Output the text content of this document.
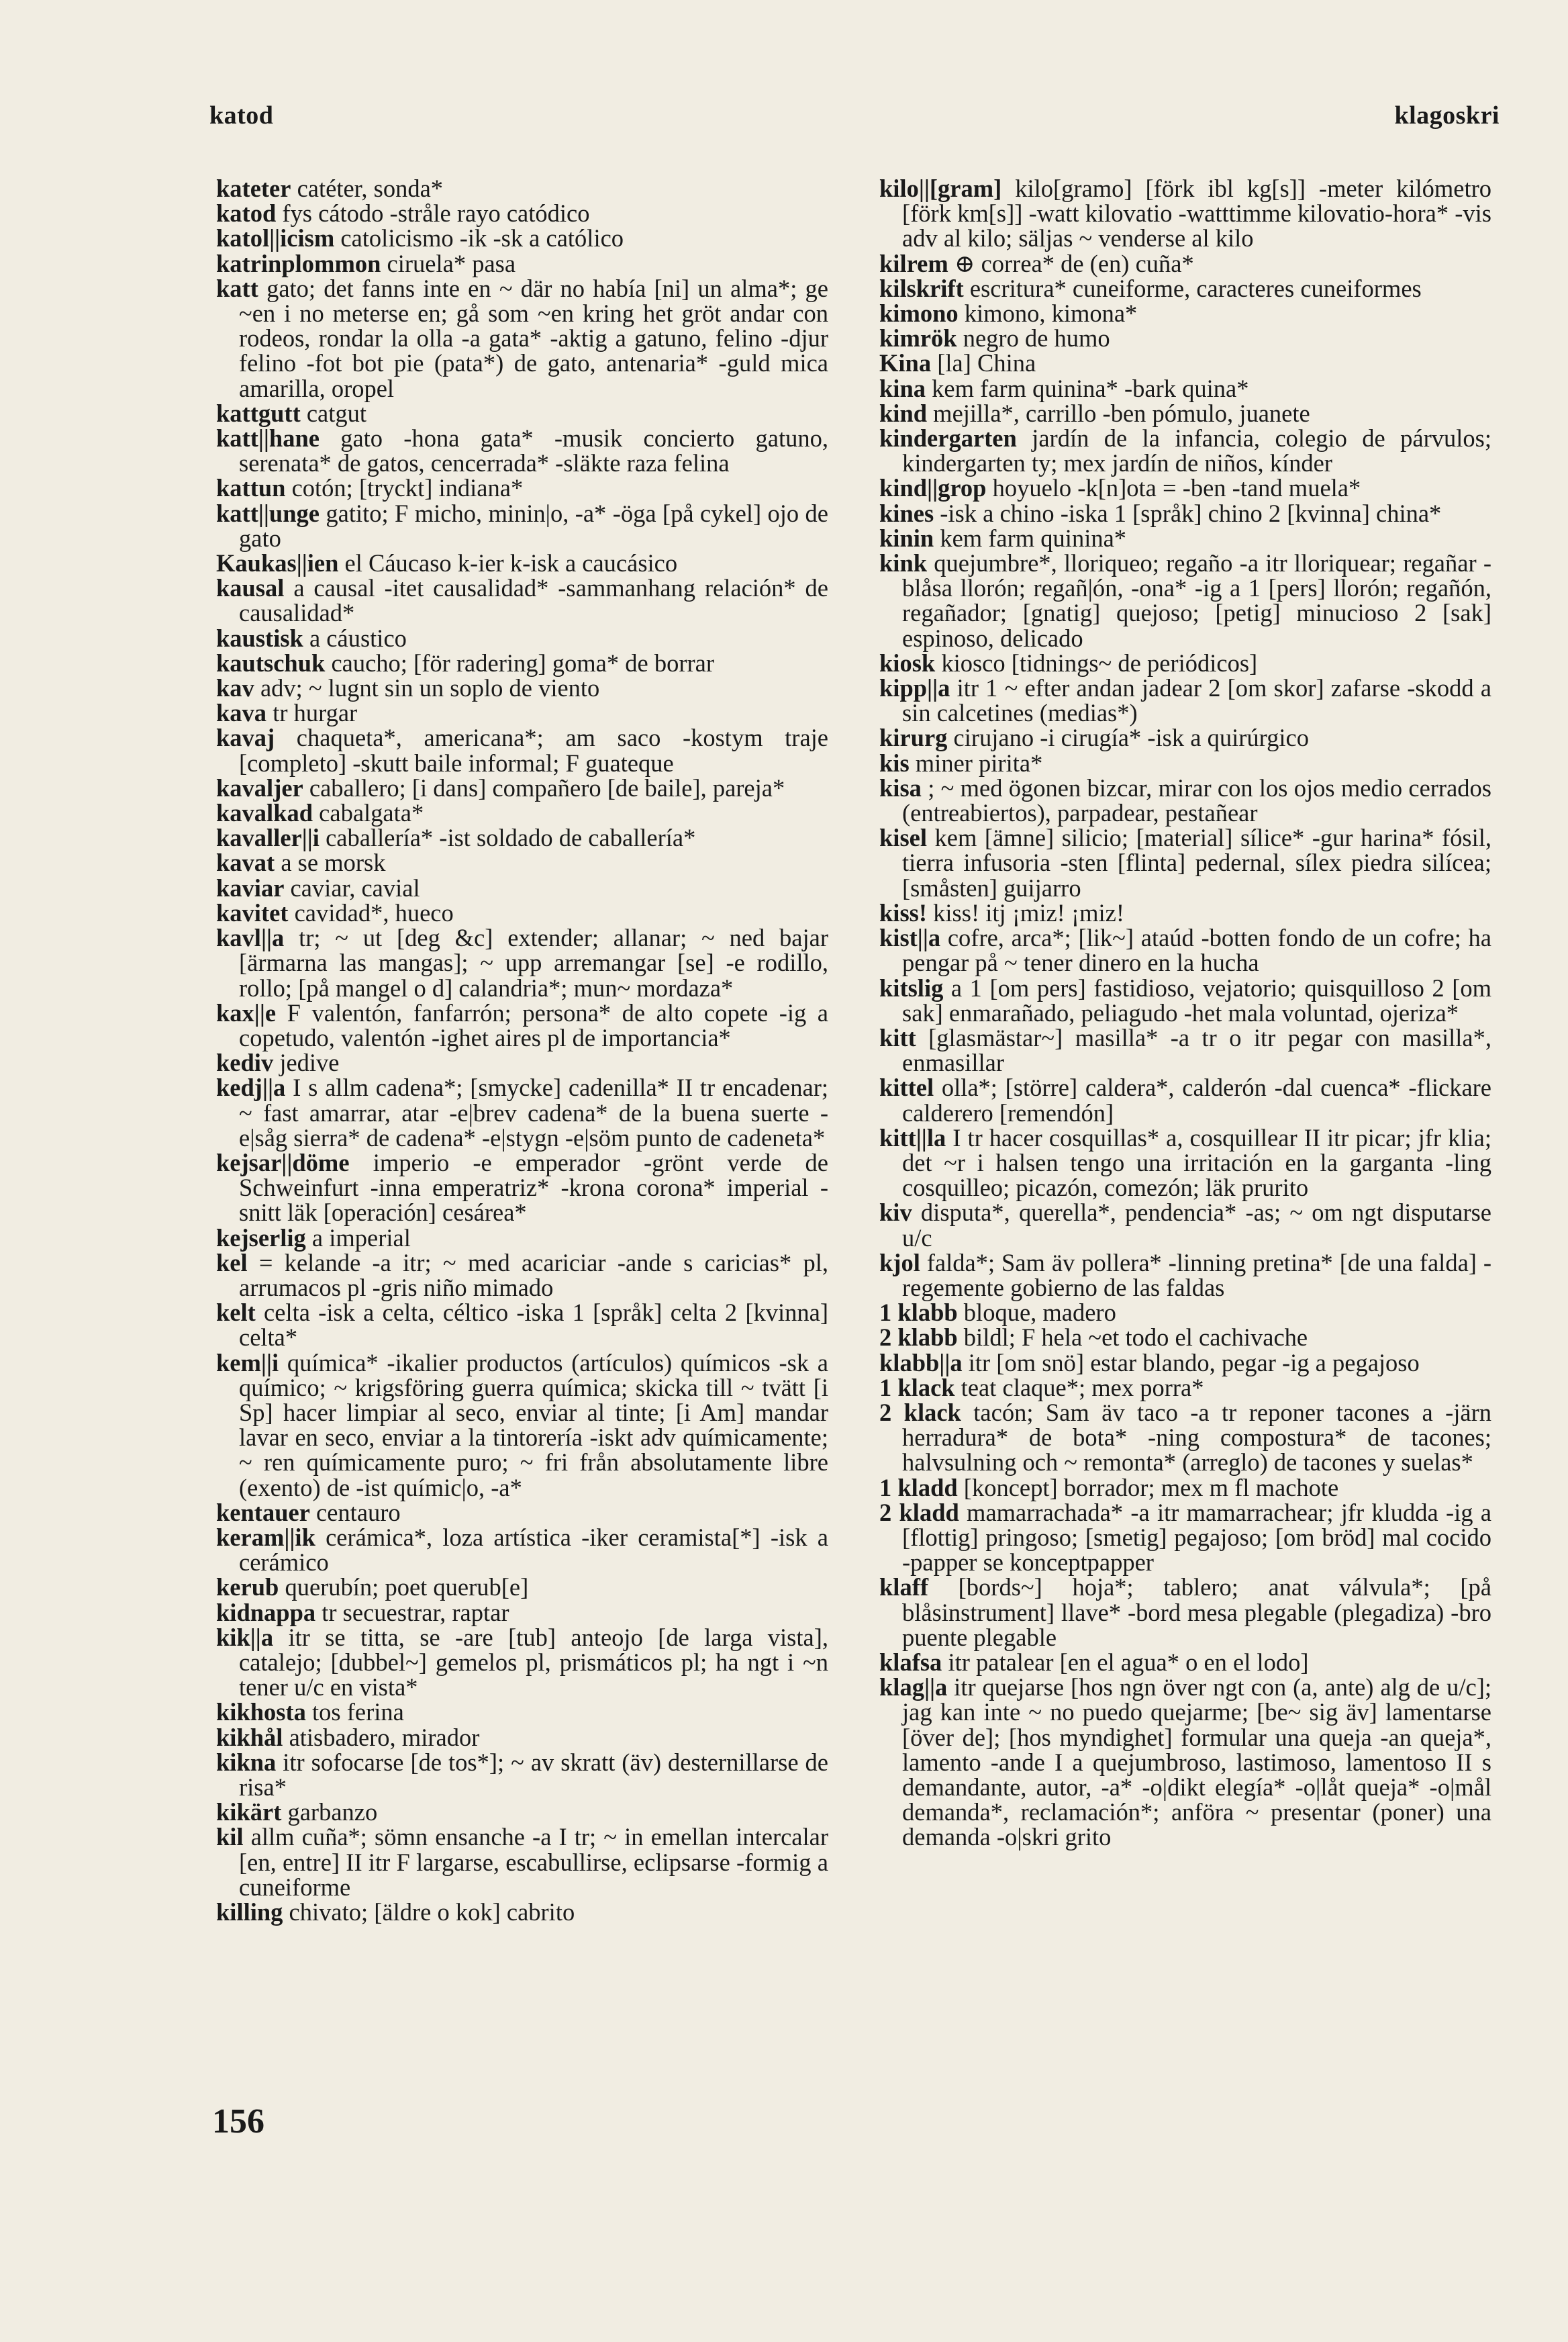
katod	klagoskri

kateter catéter, sonda*

katod fys cátodo -stråle rayo catódico

katol||icism catolicismo -ik -sk a católico

katrinplommon ciruela* pasa

katt gato; det fanns inte en ~ där no había [ni] un alma*; ge ~en i no meterse en; gå som ~en kring het gröt andar con rodeos, rondar la olla -a gata* -aktig a gatuno, felino -djur felino -fot bot pie (pata*) de gato, antenaria* -guld mica amarilla, oropel

kattgutt catgut

katt||hane gato -hona gata* -musik concierto gatuno, serenata* de gatos, cencerrada* -släkte raza felina

kattun cotón; [tryckt] indiana*

katt||unge gatito; F micho, minin|o, -a* -öga [på cykel] ojo de gato

Kaukas||ien el Cáucaso k-ier k-isk a caucásico

kausal a causal -itet causalidad* -sammanhang relación* de causalidad*

kaustisk a cáustico

kautschuk caucho; [för radering] goma* de borrar

kav adv; ~ lugnt sin un soplo de viento

kava tr hurgar

kavaj chaqueta*, americana*; am saco -kostym traje [completo] -skutt baile informal; F guateque

kavaljer caballero; [i dans] compañero [de baile], pareja*

kavalkad cabalgata*

kavaller||i caballería* -ist soldado de caballería*

kavat a se morsk

kaviar caviar, cavial

kavitet cavidad*, hueco

kavl||a tr; ~ ut [deg &c] extender; allanar; ~ ned bajar [ärmarna las mangas]; ~ upp arremangar [se] -e rodillo, rollo; [på mangel o d] calandria*; mun~ mordaza*

kax||e F valentón, fanfarrón; persona* de alto copete -ig a copetudo, valentón -ighet aires pl de importancia*

kediv jedive

kedj||a I s allm cadena*; [smycke] cadenilla* II tr encadenar; ~ fast amarrar, atar -e|brev cadena* de la buena suerte -e|såg sierra* de cadena* -e|stygn -e|söm punto de cadeneta*

kejsar||döme imperio -e emperador -grönt verde de Schweinfurt -inna emperatriz* -krona corona* imperial -snitt läk [operación] cesárea*

kejserlig a imperial

kel = kelande -a itr; ~ med acariciar -ande s caricias* pl, arrumacos pl -gris niño mimado

kelt celta -isk a celta, céltico -iska 1 [språk] celta 2 [kvinna] celta*

kem||i química* -ikalier productos (artículos) químicos -sk a químico; ~ krigsföring guerra química; skicka till ~ tvätt [i Sp] hacer limpiar al seco, enviar al tinte; [i Am] mandar lavar en seco, enviar a la tintorería -iskt adv químicamente; ~ ren químicamente puro; ~ fri från absolutamente libre (exento) de -ist químic|o, -a*

kentauer centauro

keram||ik cerámica*, loza artística -iker ceramista[*] -isk a cerámico

kerub querubín; poet querub[e]

kidnappa tr secuestrar, raptar

kik||a itr se titta, se -are [tub] anteojo [de larga vista], catalejo; [dubbel~] gemelos pl, prismáticos pl; ha ngt i ~n tener u/c en vista*

kikhosta tos ferina

kikhål atisbadero, mirador

kikna itr sofocarse [de tos*]; ~ av skratt (äv) desternillarse de risa*

kikärt garbanzo

kil allm cuña*; sömn ensanche -a I tr; ~ in emellan intercalar [en, entre] II itr F largarse, escabullirse, eclipsarse -formig a cuneiforme

killing chivato; [äldre o kok] cabrito

kilo||[gram] kilo[gramo] [förk ibl kg[s]] -meter kilómetro [förk km[s]] -watt kilovatio -watttimme kilovatio-hora* -vis adv al kilo; säljas ~ venderse al kilo

kilrem ⊕ correa* de (en) cuña*

kilskrift escritura* cuneiforme, caracteres cuneiformes

kimono kimono, kimona*

kimrök negro de humo

Kina [la] China

kina kem farm quinina* -bark quina*

kind mejilla*, carrillo -ben pómulo, juanete

kindergarten jardín de la infancia, colegio de párvulos; kindergarten ty; mex jardín de niños, kínder

kind||grop hoyuelo -k[n]ota = -ben -tand muela*

kines -isk a chino -iska 1 [språk] chino 2 [kvinna] china*

kinin kem farm quinina*

kink quejumbre*, lloriqueo; regaño -a itr lloriquear; regañar -blåsa llorón; regañ|ón, -ona* -ig a 1 [pers] llorón; regañón, regañador; [gnatig] quejoso; [petig] minucioso 2 [sak] espinoso, delicado

kiosk kiosco [tidnings~ de periódicos]

kipp||a itr 1 ~ efter andan jadear 2 [om skor] zafarse -skodd a sin calcetines (medias*)

kirurg cirujano -i cirugía* -isk a quirúrgico

kis miner pirita*

kisa ; ~ med ögonen bizcar, mirar con los ojos medio cerrados (entreabiertos), parpadear, pestañear

kisel kem [ämne] silicio; [material] sílice* -gur harina* fósil, tierra infusoria -sten [flinta] pedernal, sílex piedra silícea; [småsten] guijarro

kiss! kiss! itj ¡miz! ¡miz!

kist||a cofre, arca*; [lik~] ataúd -botten fondo de un cofre; ha pengar på ~ tener dinero en la hucha

kitslig a 1 [om pers] fastidioso, vejatorio; quisquilloso 2 [om sak] enmarañado, peliagudo -het mala voluntad, ojeriza*

kitt [glasmästar~] masilla* -a tr o itr pegar con masilla*, enmasillar

kittel olla*; [större] caldera*, calderón -dal cuenca* -flickare calderero [remendón]

kitt||la I tr hacer cosquillas* a, cosquillear II itr picar; jfr klia; det ~r i halsen tengo una irritación en la garganta -ling cosquilleo; picazón, comezón; läk prurito

kiv disputa*, querella*, pendencia* -as; ~ om ngt disputarse u/c

kjol falda*; Sam äv pollera* -linning pretina* [de una falda] -regemente gobierno de las faldas

1 klabb bloque, madero

2 klabb bildl; F hela ~et todo el cachivache

klabb||a itr [om snö] estar blando, pegar -ig a pegajoso

1 klack teat claque*; mex porra*

2 klack tacón; Sam äv taco -a tr reponer tacones a -järn herradura* de bota* -ning compostura* de tacones; halvsulning och ~ remonta* (arreglo) de tacones y suelas*

1 kladd [koncept] borrador; mex m fl machote

2 kladd mamarrachada* -a itr mamarrachear; jfr kludda -ig a [flottig] pringoso; [smetig] pegajoso; [om bröd] mal cocido -papper se konceptpapper

klaff [bords~] hoja*; tablero; anat válvula*; [på blåsinstrument] llave* -bord mesa plegable (plegadiza) -bro puente plegable

klafsa itr patalear [en el agua* o en el lodo]

klag||a itr quejarse [hos ngn över ngt con (a, ante) alg de u/c]; jag kan inte ~ no puedo quejarme; [be~ sig äv] lamentarse [över de]; [hos myndighet] formular una queja -an queja*, lamento -ande I a quejumbroso, lastimoso, lamentoso II s demandante, autor, -a* -o|dikt elegía* -o|låt queja* -o|mål demanda*, reclamación*; anföra ~ presentar (poner) una demanda -o|skri grito

156
